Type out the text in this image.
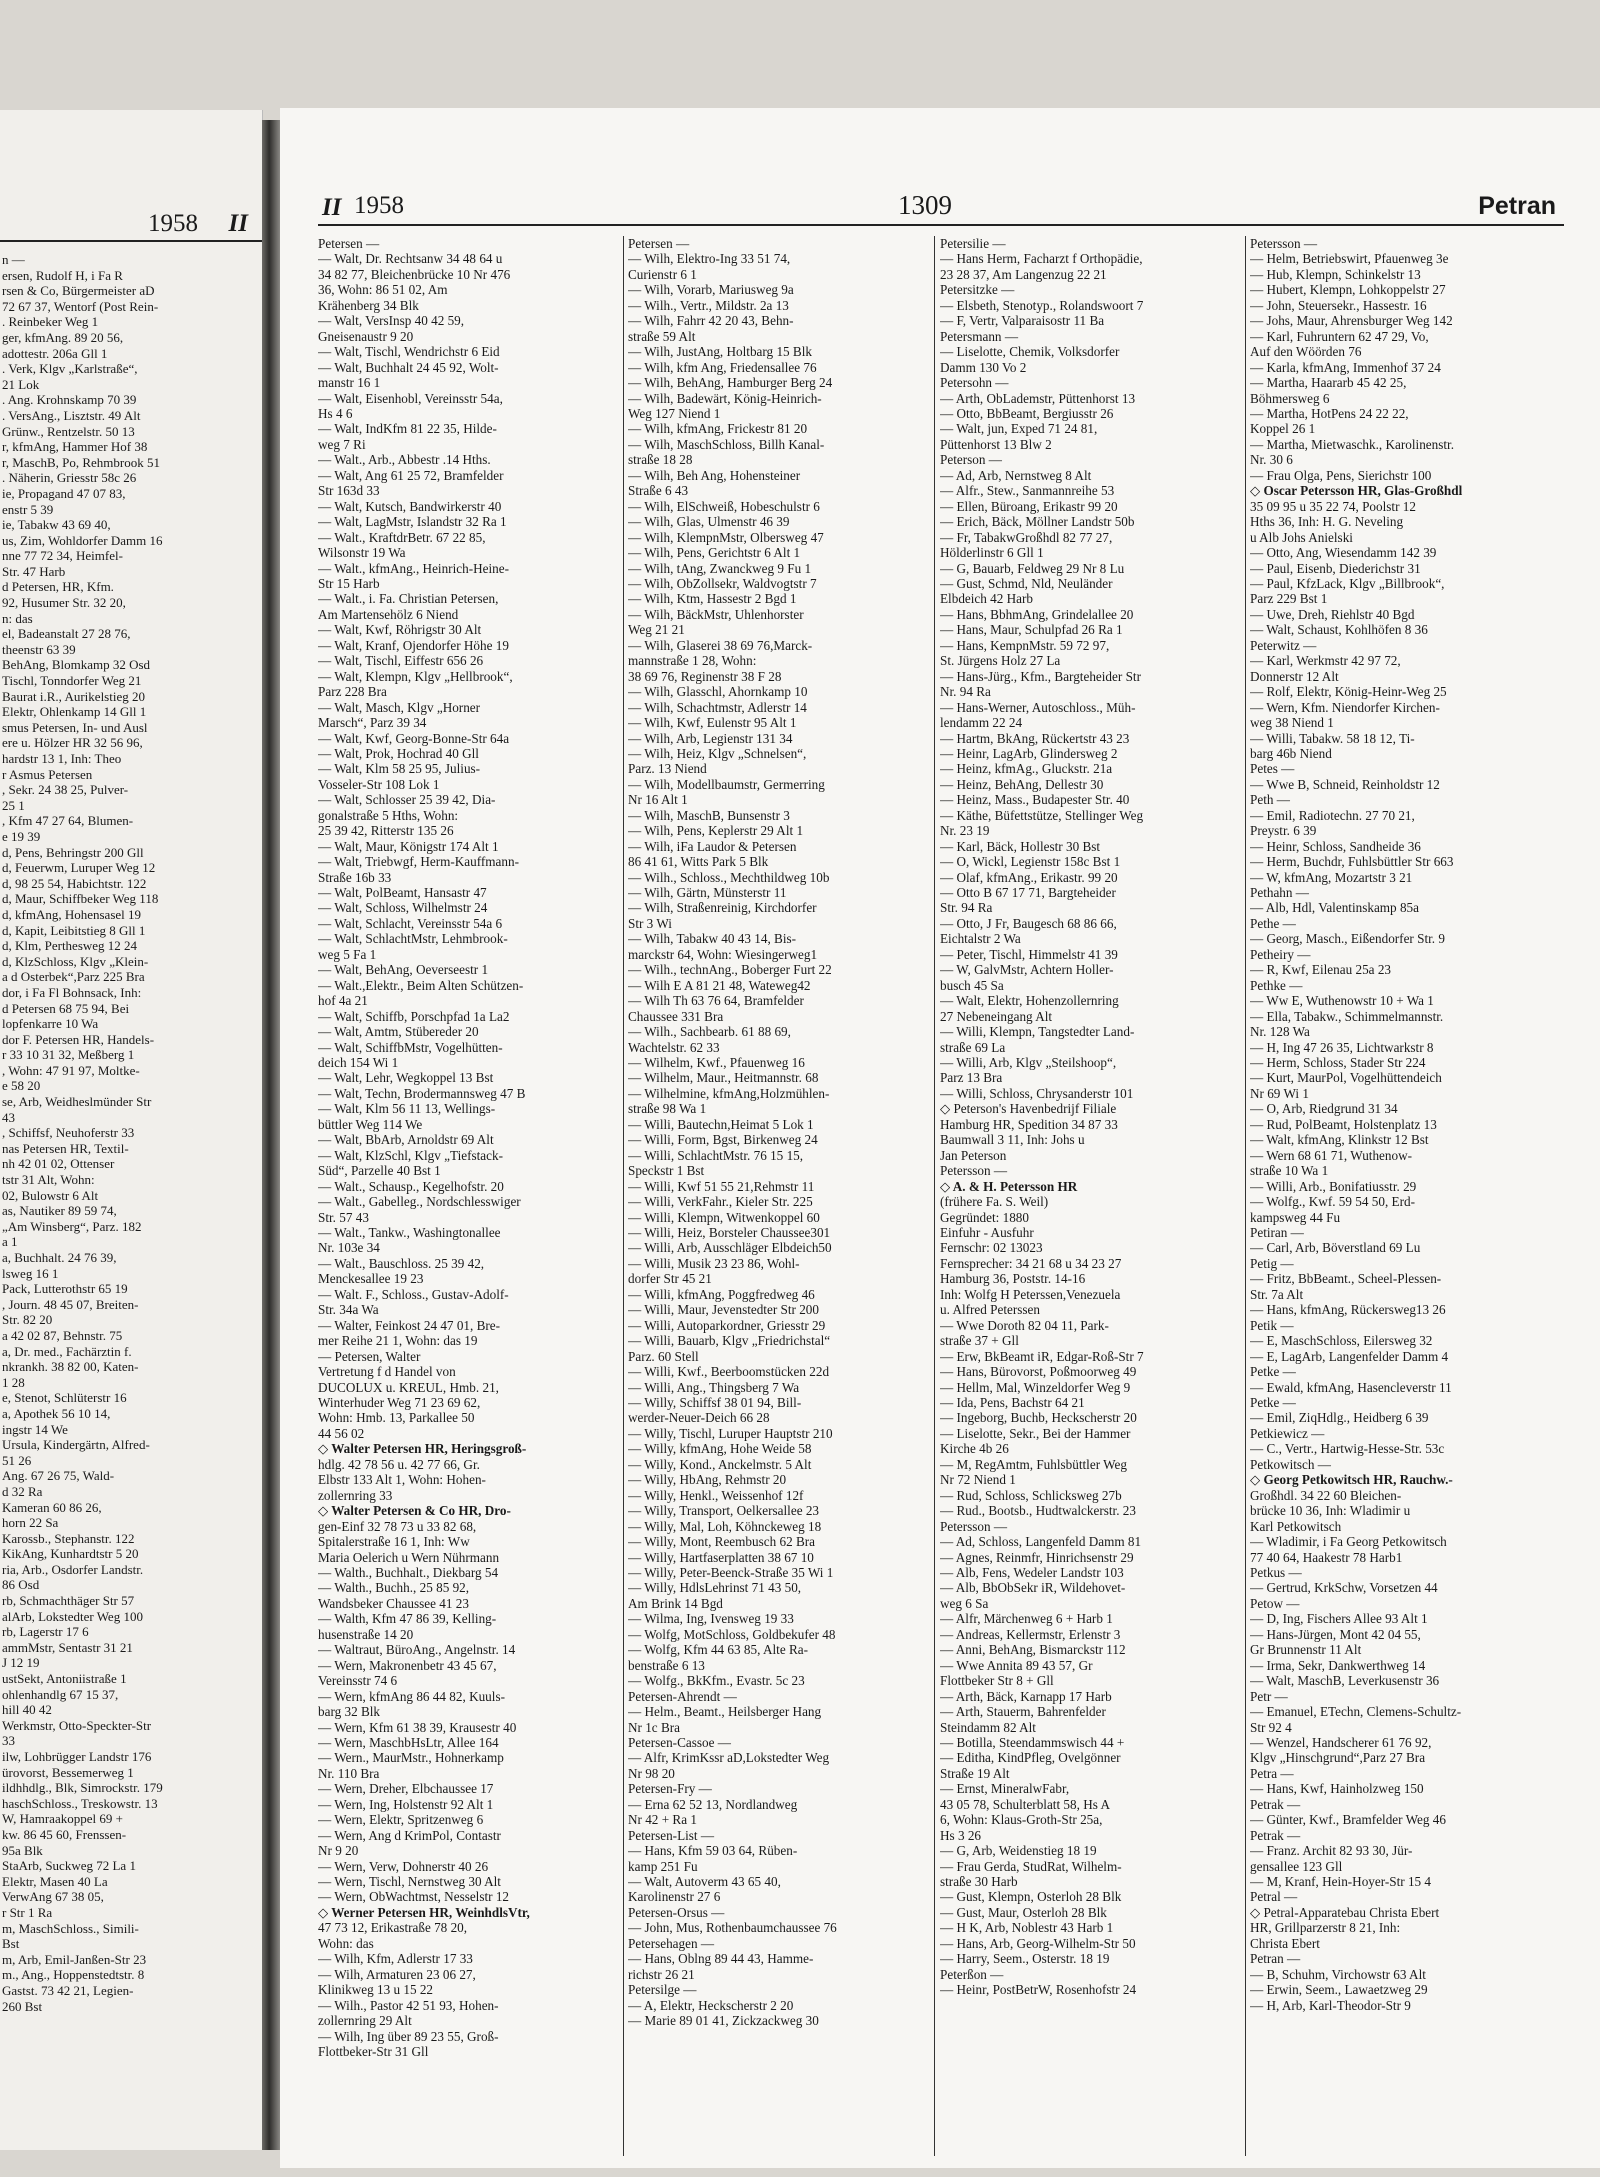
1958 II
n —
ersen, Rudolf H, i Fa R
rsen & Co, Bürgermeister aD
72 67 37, Wentorf (Post Rein-
. Reinbeker Weg 1
ger, kfmAng. 89 20 56,
adottestr. 206a Gll 1
. Verk, Klgv „Karlstraße“,
21 Lok
. Ang. Krohnskamp 70 39
. VersAng., Lisztstr. 49 Alt
Grünw., Rentzelstr. 50 13
r, kfmAng, Hammer Hof 38
r, MaschB, Po, Rehmbrook 51
. Näherin, Griesstr 58c 26
ie, Propagand 47 07 83,
enstr 5 39
ie, Tabakw 43 69 40,
us, Zim, Wohldorfer Damm 16
nne 77 72 34, Heimfel-
Str. 47 Harb
d Petersen, HR, Kfm.
92, Husumer Str. 32 20,
n: das
el, Badeanstalt 27 28 76,
theenstr 63 39
BehAng, Blomkamp 32 Osd
Tischl, Tonndorfer Weg 21
Baurat i.R., Aurikelstieg 20
Elektr, Ohlenkamp 14 Gll 1
smus Petersen, In- und Ausl
ere u. Hölzer HR 32 56 96,
hardstr 13 1, Inh: Theo
r Asmus Petersen
, Sekr. 24 38 25, Pulver-
25 1
, Kfm 47 27 64, Blumen-
e 19 39
d, Pens, Behringstr 200 Gll
d, Feuerwm, Luruper Weg 12
d, 98 25 54, Habichtstr. 122
d, Maur, Schiffbeker Weg 118
d, kfmAng, Hohensasel 19
d, Kapit, Leibitstieg 8 Gll 1
d, Klm, Perthesweg 12 24
d, KlzSchloss, Klgv „Klein-
a d Osterbek“,Parz 225 Bra
dor, i Fa Fl Bohnsack, Inh:
d Petersen 68 75 94, Bei
lopfenkarre 10 Wa
dor F. Petersen HR, Handels-
r 33 10 31 32, Meßberg 1
, Wohn: 47 91 97, Moltke-
e 58 20
se, Arb, Weidheslmünder Str
43
, Schiffsf, Neuhoferstr 33
nas Petersen HR, Textil-
nh 42 01 02, Ottenser
tstr 31 Alt, Wohn:
02, Bulowstr 6 Alt
as, Nautiker 89 59 74,
„Am Winsberg“, Parz. 182
a 1
a, Buchhalt. 24 76 39,
lsweg 16 1
Pack, Lutterothstr 65 19
, Journ. 48 45 07, Breiten-
Str. 82 20
a 42 02 87, Behnstr. 75
a, Dr. med., Fachärztin f.
nkrankh. 38 82 00, Katen-
1 28
e, Stenot, Schlüterstr 16
a, Apothek 56 10 14,
ingstr 14 We
Ursula, Kindergärtn, Alfred-
51 26
Ang. 67 26 75, Wald-
d 32 Ra
Kameran 60 86 26,
horn 22 Sa
Karossb., Stephanstr. 122
KikAng, Kunhardtstr 5 20
ria, Arb., Osdorfer Landstr.
86 Osd
rb, Schmachthäger Str 57
alArb, Lokstedter Weg 100
rb, Lagerstr 17 6
ammMstr, Sentastr 31 21
J 12 19
ustSekt, Antoniistraße 1
ohlenhandlg 67 15 37,
hill 40 42
Werkmstr, Otto-Speckter-Str
33
ilw, Lohbrügger Landstr 176
ürovorst, Bessemerweg 1
ildhhdlg., Blk, Simrockstr. 179
haschSchloss., Treskowstr. 13
W, Hamraakoppel 69 +
kw. 86 45 60, Frenssen-
95a Blk
StaArb, Suckweg 72 La 1
Elektr, Masen 40 La
VerwAng 67 38 05,
r Str 1 Ra
m, MaschSchloss., Simili-
Bst
m, Arb, Emil-Janßen-Str 23
m., Ang., Hoppenstedtstr. 8
Gastst. 73 42 21, Legien-
260 Bst
II 1958	1309	Petran
Petersen —
— Walt, Dr. Rechtsanw 34 48 64 u
34 82 77, Bleichenbrücke 10 Nr 476
36, Wohn: 86 51 02, Am
Krähenberg 34 Blk
— Walt, VersInsp 40 42 59,
Gneisenaustr 9 20
— Walt, Tischl, Wendrichstr 6 Eid
— Walt, Buchhalt 24 45 92, Wolt-
manstr 16 1
— Walt, Eisenhobl, Vereinsstr 54a,
Hs 4 6
— Walt, IndKfm 81 22 35, Hilde-
weg 7 Ri
— Walt., Arb., Abbestr .14 Hths.
— Walt, Ang 61 25 72, Bramfelder
Str 163d 33
— Walt, Kutsch, Bandwirkerstr 40
— Walt, LagMstr, Islandstr 32 Ra 1
— Walt., KraftdrBetr. 67 22 85,
Wilsonstr 19 Wa
— Walt., kfmAng., Heinrich-Heine-
Str 15 Harb
— Walt., i. Fa. Christian Petersen,
Am Martensehölz 6 Niend
— Walt, Kwf, Röhrigstr 30 Alt
— Walt, Kranf, Ojendorfer Höhe 19
— Walt, Tischl, Eiffestr 656 26
— Walt, Klempn, Klgv „Hellbrook“,
Parz 228 Bra
— Walt, Masch, Klgv „Horner
Marsch“, Parz 39 34
— Walt, Kwf, Georg-Bonne-Str 64a
— Walt, Prok, Hochrad 40 Gll
— Walt, Klm 58 25 95, Julius-
Vosseler-Str 108 Lok 1
— Walt, Schlosser 25 39 42, Dia-
gonalstraße 5 Hths, Wohn:
25 39 42, Ritterstr 135 26
— Walt, Maur, Königstr 174 Alt 1
— Walt, Triebwgf, Herm-Kauffmann-
Straße 16b 33
— Walt, PolBeamt, Hansastr 47
— Walt, Schloss, Wilhelmstr 24
— Walt, Schlacht, Vereinsstr 54a 6
— Walt, SchlachtMstr, Lehmbrook-
weg 5 Fa 1
— Walt, BehAng, Oeverseestr 1
— Walt.,Elektr., Beim Alten Schützen-
hof 4a 21
— Walt, Schiffb, Porschpfad 1a La2
— Walt, Amtm, Stübereder 20
— Walt, SchiffbMstr, Vogelhütten-
deich 154 Wi 1
— Walt, Lehr, Wegkoppel 13 Bst
— Walt, Techn, Brodermannsweg 47 B
— Walt, Klm 56 11 13, Wellings-
büttler Weg 114 We
— Walt, BbArb, Arnoldstr 69 Alt
— Walt, KlzSchl, Klgv „Tiefstack-
Süd“, Parzelle 40 Bst 1
— Walt., Schausp., Kegelhofstr. 20
— Walt., Gabelleg., Nordschlesswiger
Str. 57 43
— Walt., Tankw., Washingtonallee
Nr. 103e 34
— Walt., Bauschloss. 25 39 42,
Menckesallee 19 23
— Walt. F., Schloss., Gustav-Adolf-
Str. 34a Wa
— Walter, Feinkost 24 47 01, Bre-
mer Reihe 21 1, Wohn: das 19
— Petersen, Walter
Vertretung f d Handel von
DUCOLUX u. KREUL, Hmb. 21,
Winterhuder Weg 71 23 69 62,
Wohn: Hmb. 13, Parkallee 50
44 56 02
◇ Walter Petersen HR, Heringsgroß-
hdlg. 42 78 56 u. 42 77 66, Gr.
Elbstr 133 Alt 1, Wohn: Hohen-
zollernring 33
◇ Walter Petersen & Co HR, Dro-
gen-Einf 32 78 73 u 33 82 68,
Spitalerstraße 16 1, Inh: Ww
Maria Oelerich u Wern Nührmann
— Walth., Buchhalt., Diekbarg 54
— Walth., Buchh., 25 85 92,
Wandsbeker Chaussee 41 23
— Walth, Kfm 47 86 39, Kelling-
husenstraße 14 20
— Waltraut, BüroAng., Angelnstr. 14
— Wern, Makronenbetr 43 45 67,
Vereinsstr 74 6
— Wern, kfmAng 86 44 82, Kuuls-
barg 32 Blk
— Wern, Kfm 61 38 39, Krausestr 40
— Wern, MaschbHsLtr, Allee 164
— Wern., MaurMstr., Hohnerkamp
Nr. 110 Bra
— Wern, Dreher, Elbchaussee 17
— Wern, Ing, Holstenstr 92 Alt 1
— Wern, Elektr, Spritzenweg 6
— Wern, Ang d KrimPol, Contastr
Nr 9 20
— Wern, Verw, Dohnerstr 40 26
— Wern, Tischl, Nernstweg 30 Alt
— Wern, ObWachtmst, Nesselstr 12
◇ Werner Petersen HR, WeinhdlsVtr,
47 73 12, Erikastraße 78 20,
Wohn: das
— Wilh, Kfm, Adlerstr 17 33
— Wilh, Armaturen 23 06 27,
Klinikweg 13 u 15 22
— Wilh., Pastor 42 51 93, Hohen-
zollernring 29 Alt
— Wilh, Ing über 89 23 55, Groß-
Flottbeker-Str 31 Gll
Petersen —
— Wilh, Elektro-Ing 33 51 74,
Curienstr 6 1
— Wilh, Vorarb, Mariusweg 9a
— Wilh., Vertr., Mildstr. 2a 13
— Wilh, Fahrr 42 20 43, Behn-
straße 59 Alt
— Wilh, JustAng, Holtbarg 15 Blk
— Wilh, kfm Ang, Friedensallee 76
— Wilh, BehAng, Hamburger Berg 24
— Wilh, Badewärt, König-Heinrich-
Weg 127 Niend 1
— Wilh, kfmAng, Frickestr 81 20
— Wilh, MaschSchloss, Billh Kanal-
straße 18 28
— Wilh, Beh Ang, Hohensteiner
Straße 6 43
— Wilh, ElSchweiß, Hobeschulstr 6
— Wilh, Glas, Ulmenstr 46 39
— Wilh, KlempnMstr, Olbersweg 47
— Wilh, Pens, Gerichtstr 6 Alt 1
— Wilh, tAng, Zwanckweg 9 Fu 1
— Wilh, ObZollsekr, Waldvogtstr 7
— Wilh, Ktm, Hassestr 2 Bgd 1
— Wilh, BäckMstr, Uhlenhorster
Weg 21 21
— Wilh, Glaserei 38 69 76,Marck-
mannstraße 1 28, Wohn:
38 69 76, Reginenstr 38 F 28
— Wilh, Glasschl, Ahornkamp 10
— Wilh, Schachtmstr, Adlerstr 14
— Wilh, Kwf, Eulenstr 95 Alt 1
— Wilh, Arb, Legienstr 131 34
— Wilh, Heiz, Klgv „Schnelsen“,
Parz. 13 Niend
— Wilh, Modellbaumstr, Germerring
Nr 16 Alt 1
— Wilh, MaschB, Bunsenstr 3
— Wilh, Pens, Keplerstr 29 Alt 1
— Wilh, iFa Laudor & Petersen
86 41 61, Witts Park 5 Blk
— Wilh., Schloss., Mechthildweg 10b
— Wilh, Gärtn, Münsterstr 11
— Wilh, Straßenreinig, Kirchdorfer
Str 3 Wi
— Wilh, Tabakw 40 43 14, Bis-
marckstr 64, Wohn: Wiesingerweg1
— Wilh., technAng., Boberger Furt 22
— Wilh E A 81 21 48, Wateweg42
— Wilh Th 63 76 64, Bramfelder
Chaussee 331 Bra
— Wilh., Sachbearb. 61 88 69,
Wachtelstr. 62 33
— Wilhelm, Kwf., Pfauenweg 16
— Wilhelm, Maur., Heitmannstr. 68
— Wilhelmine, kfmAng,Holzmühlen-
straße 98 Wa 1
— Willi, Bautechn,Heimat 5 Lok 1
— Willi, Form, Bgst, Birkenweg 24
— Willi, SchlachtMstr. 76 15 15,
Speckstr 1 Bst
— Willi, Kwf 51 55 21,Rehmstr 11
— Willi, VerkFahr., Kieler Str. 225
— Willi, Klempn, Witwenkoppel 60
— Willi, Heiz, Borsteler Chaussee301
— Willi, Arb, Ausschläger Elbdeich50
— Willi, Musik 23 23 86, Wohl-
dorfer Str 45 21
— Willi, kfmAng, Poggfredweg 46
— Willi, Maur, Jevenstedter Str 200
— Willi, Autoparkordner, Griesstr 29
— Willi, Bauarb, Klgv „Friedrichstal“
Parz. 60 Stell
— Willi, Kwf., Beerboomstücken 22d
— Willi, Ang., Thingsberg 7 Wa
— Willy, Schiffsf 38 01 94, Bill-
werder-Neuer-Deich 66 28
— Willy, Tischl, Luruper Hauptstr 210
— Willy, kfmAng, Hohe Weide 58
— Willy, Kond., Anckelmstr. 5 Alt
— Willy, HbAng, Rehmstr 20
— Willy, Henkl., Weissenhof 12f
— Willy, Transport, Oelkersallee 23
— Willy, Mal, Loh, Köhnckeweg 18
— Willy, Mont, Reembusch 62 Bra
— Willy, Hartfaserplatten 38 67 10
— Willy, Peter-Beenck-Straße 35 Wi 1
— Willy, HdlsLehrinst 71 43 50,
Am Brink 14 Bgd
— Wilma, Ing, Ivensweg 19 33
— Wolfg, MotSchloss, Goldbekufer 48
— Wolfg, Kfm 44 63 85, Alte Ra-
benstraße 6 13
— Wolfg., BkKfm., Evastr. 5c 23
Petersen-Ahrendt —
— Helm., Beamt., Heilsberger Hang
Nr 1c Bra
Petersen-Cassoe —
— Alfr, KrimKssr aD,Lokstedter Weg
Nr 98 20
Petersen-Fry —
— Erna 62 52 13, Nordlandweg
Nr 42 + Ra 1
Petersen-List —
— Hans, Kfm 59 03 64, Rüben-
kamp 251 Fu
— Walt, Autoverm 43 65 40,
Karolinenstr 27 6
Petersen-Orsus —
— John, Mus, Rothenbaumchaussee 76
Petersehagen —
— Hans, Oblng 89 44 43, Hamme-
richstr 26 21
Petersilge —
— A, Elektr, Heckscherstr 2 20
— Marie 89 01 41, Zickzackweg 30
Petersilie —
— Hans Herm, Facharzt f Orthopädie,
23 28 37, Am Langenzug 22 21
Petersitzke —
— Elsbeth, Stenotyp., Rolandswoort 7
— F, Vertr, Valparaisostr 11 Ba
Petersmann —
— Liselotte, Chemik, Volksdorfer
Damm 130 Vo 2
Petersohn —
— Arth, ObLademstr, Püttenhorst 13
— Otto, BbBeamt, Bergiusstr 26
— Walt, jun, Exped 71 24 81,
Püttenhorst 13 Blw 2
Peterson —
— Ad, Arb, Nernstweg 8 Alt
— Alfr., Stew., Sanmannreihe 53
— Ellen, Büroang, Erikastr 99 20
— Erich, Bäck, Möllner Landstr 50b
— Fr, TabakwGroßhdl 82 77 27,
Hölderlinstr 6 Gll 1
— G, Bauarb, Feldweg 29 Nr 8 Lu
— Gust, Schmd, Nld, Neuländer
Elbdeich 42 Harb
— Hans, BbhmAng, Grindelallee 20
— Hans, Maur, Schulpfad 26 Ra 1
— Hans, KempnMstr. 59 72 97,
St. Jürgens Holz 27 La
— Hans-Jürg., Kfm., Bargteheider Str
Nr. 94 Ra
— Hans-Werner, Autoschloss., Müh-
lendamm 22 24
— Hartm, BkAng, Rückertstr 43 23
— Heinr, LagArb, Glindersweg 2
— Heinz, kfmAg., Gluckstr. 21a
— Heinz, BehAng, Dellestr 30
— Heinz, Mass., Budapester Str. 40
— Käthe, Büfettstütze, Stellinger Weg
Nr. 23 19
— Karl, Bäck, Hollestr 30 Bst
— O, Wickl, Legienstr 158c Bst 1
— Olaf, kfmAng., Erikastr. 99 20
— Otto B 67 17 71, Bargteheider
Str. 94 Ra
— Otto, J Fr, Baugesch 68 86 66,
Eichtalstr 2 Wa
— Peter, Tischl, Himmelstr 41 39
— W, GalvMstr, Achtern Holler-
busch 45 Sa
— Walt, Elektr, Hohenzollernring
27 Nebeneingang Alt
— Willi, Klempn, Tangstedter Land-
straße 69 La
— Willi, Arb, Klgv „Steilshoop“,
Parz 13 Bra
— Willi, Schloss, Chrysanderstr 101
◇ Peterson's Havenbedrijf Filiale
Hamburg HR, Spedition 34 87 33
Baumwall 3 11, Inh: Johs u
Jan Peterson
Petersson —
◇ A. & H. Petersson HR
(frühere Fa. S. Weil)
Gegründet: 1880
Einfuhr - Ausfuhr
Fernschr: 02 13023
Fernsprecher: 34 21 68 u 34 23 27
Hamburg 36, Poststr. 14-16
Inh: Wolfg H Peterssen,Venezuela
u. Alfred Peterssen
— Wwe Doroth 82 04 11, Park-
straße 37 + Gll
— Erw, BkBeamt iR, Edgar-Roß-Str 7
— Hans, Bürovorst, Poßmoorweg 49
— Hellm, Mal, Winzeldorfer Weg 9
— Ida, Pens, Bachstr 64 21
— Ingeborg, Buchb, Heckscherstr 20
— Liselotte, Sekr., Bei der Hammer
Kirche 4b 26
— M, RegAmtm, Fuhlsbüttler Weg
Nr 72 Niend 1
— Rud, Schloss, Schlicksweg 27b
— Rud., Bootsb., Hudtwalckerstr. 23
Petersson —
— Ad, Schloss, Langenfeld Damm 81
— Agnes, Reinmfr, Hinrichsenstr 29
— Alb, Fens, Wedeler Landstr 103
— Alb, BbObSekr iR, Wildehovet-
weg 6 Sa
— Alfr, Märchenweg 6 + Harb 1
— Andreas, Kellermstr, Erlenstr 3
— Anni, BehAng, Bismarckstr 112
— Wwe Annita 89 43 57, Gr
Flottbeker Str 8 + Gll
— Arth, Bäck, Karnapp 17 Harb
— Arth, Stauerm, Bahrenfelder
Steindamm 82 Alt
— Botilla, Steendammswisch 44 +
— Editha, KindPfleg, Ovelgönner
Straße 19 Alt
— Ernst, MineralwFabr,
43 05 78, Schulterblatt 58, Hs A
6, Wohn: Klaus-Groth-Str 25a,
Hs 3 26
— G, Arb, Weidenstieg 18 19
— Frau Gerda, StudRat, Wilhelm-
straße 30 Harb
— Gust, Klempn, Osterloh 28 Blk
— Gust, Maur, Osterloh 28 Blk
— H K, Arb, Noblestr 43 Harb 1
— Hans, Arb, Georg-Wilhelm-Str 50
— Harry, Seem., Osterstr. 18 19
Peterßon —
— Heinr, PostBetrW, Rosenhofstr 24
Petersson —
— Helm, Betriebswirt, Pfauenweg 3e
— Hub, Klempn, Schinkelstr 13
— Hubert, Klempn, Lohkoppelstr 27
— John, Steuersekr., Hassestr. 16
— Johs, Maur, Ahrensburger Weg 142
— Karl, Fuhruntern 62 47 29, Vo,
Auf den Wöörden 76
— Karla, kfmAng, Immenhof 37 24
— Martha, Haararb 45 42 25,
Böhmersweg 6
— Martha, HotPens 24 22 22,
Koppel 26 1
— Martha, Mietwaschk., Karolinenstr.
Nr. 30 6
— Frau Olga, Pens, Sierichstr 100
◇ Oscar Petersson HR, Glas-Großhdl
35 09 95 u 35 22 74, Poolstr 12
Hths 36, Inh: H. G. Neveling
u Alb Johs Anielski
— Otto, Ang, Wiesendamm 142 39
— Paul, Eisenb, Diederichstr 31
— Paul, KfzLack, Klgv „Billbrook“,
Parz 229 Bst 1
— Uwe, Dreh, Riehlstr 40 Bgd
— Walt, Schaust, Kohlhöfen 8 36
Peterwitz —
— Karl, Werkmstr 42 97 72,
Donnerstr 12 Alt
— Rolf, Elektr, König-Heinr-Weg 25
— Wern, Kfm. Niendorfer Kirchen-
weg 38 Niend 1
— Willi, Tabakw. 58 18 12, Ti-
barg 46b Niend
Petes —
— Wwe B, Schneid, Reinholdstr 12
Peth —
— Emil, Radiotechn. 27 70 21,
Preystr. 6 39
— Heinr, Schloss, Sandheide 36
— Herm, Buchdr, Fuhlsbüttler Str 663
— W, kfmAng, Mozartstr 3 21
Pethahn —
— Alb, Hdl, Valentinskamp 85a
Pethe —
— Georg, Masch., Eißendorfer Str. 9
Petheiry —
— R, Kwf, Eilenau 25a 23
Pethke —
— Ww E, Wuthenowstr 10 + Wa 1
— Ella, Tabakw., Schimmelmannstr.
Nr. 128 Wa
— H, Ing 47 26 35, Lichtwarkstr 8
— Herm, Schloss, Stader Str 224
— Kurt, MaurPol, Vogelhüttendeich
Nr 69 Wi 1
— O, Arb, Riedgrund 31 34
— Rud, PolBeamt, Holstenplatz 13
— Walt, kfmAng, Klinkstr 12 Bst
— Wern 68 61 71, Wuthenow-
straße 10 Wa 1
— Willi, Arb., Bonifatiusstr. 29
— Wolfg., Kwf. 59 54 50, Erd-
kampsweg 44 Fu
Petiran —
— Carl, Arb, Böverstland 69 Lu
Petig —
— Fritz, BbBeamt., Scheel-Plessen-
Str. 7a Alt
— Hans, kfmAng, Rückersweg13 26
Petik —
— E, MaschSchloss, Eilersweg 32
— E, LagArb, Langenfelder Damm 4
Petke —
— Ewald, kfmAng, Hasencleverstr 11
Petke —
— Emil, ZiqHdlg., Heidberg 6 39
Petkiewicz —
— C., Vertr., Hartwig-Hesse-Str. 53c
Petkowitsch —
◇ Georg Petkowitsch HR, Rauchw.-
Großhdl. 34 22 60 Bleichen-
brücke 10 36, Inh: Wladimir u
Karl Petkowitsch
— Wladimir, i Fa Georg Petkowitsch
77 40 64, Haakestr 78 Harb1
Petkus —
— Gertrud, KrkSchw, Vorsetzen 44
Petow —
— D, Ing, Fischers Allee 93 Alt 1
— Hans-Jürgen, Mont 42 04 55,
Gr Brunnenstr 11 Alt
— Irma, Sekr, Dankwerthweg 14
— Walt, MaschB, Leverkusenstr 36
Petr —
— Emanuel, ETechn, Clemens-Schultz-
Str 92 4
— Wenzel, Handscherer 61 76 92,
Klgv „Hinschgrund“,Parz 27 Bra
Petra —
— Hans, Kwf, Hainholzweg 150
Petrak —
— Günter, Kwf., Bramfelder Weg 46
Petrak —
— Franz. Archit 82 93 30, Jür-
gensallee 123 Gll
— M, Kranf, Hein-Hoyer-Str 15 4
Petral —
◇ Petral-Apparatebau Christa Ebert
HR, Grillparzerstr 8 21, Inh:
Christa Ebert
Petran —
— B, Schuhm, Virchowstr 63 Alt
— Erwin, Seem., Lawaetzweg 29
— H, Arb, Karl-Theodor-Str 9
